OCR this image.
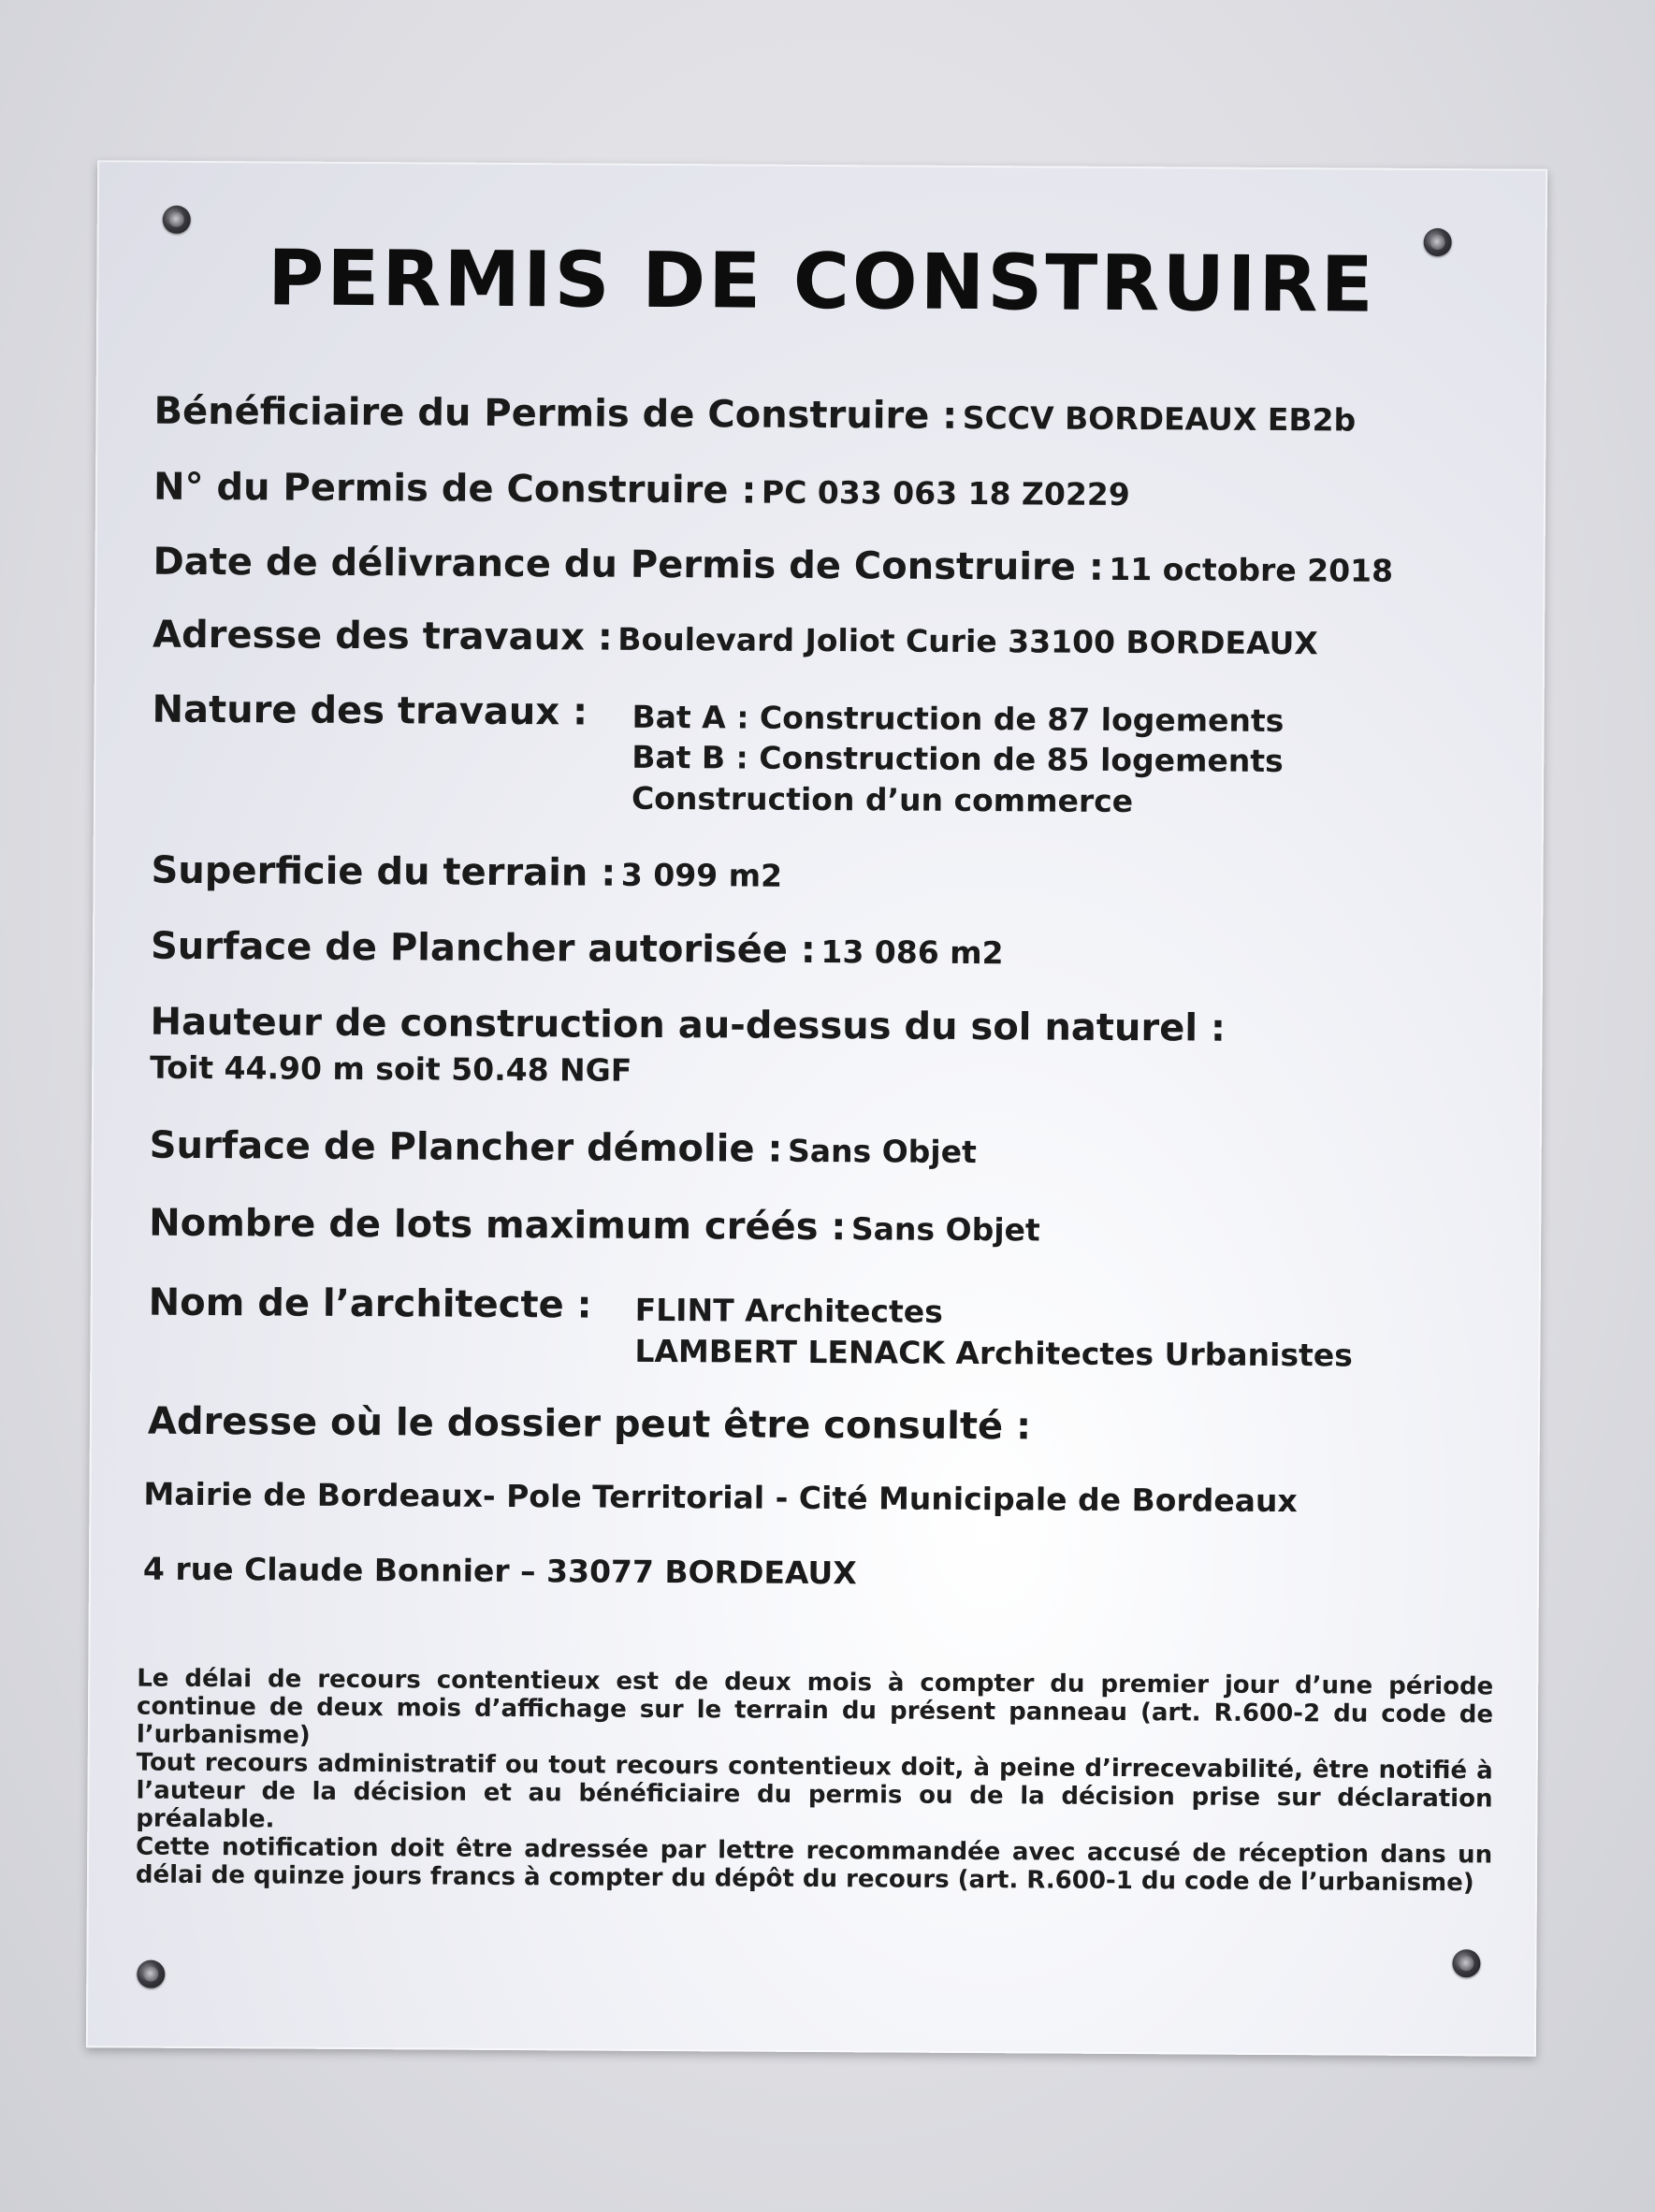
PERMIS DE CONSTRUIRE
Bénéficiaire du Permis de Construire : SCCV BORDEAUX EB2b
N° du Permis de Construire : PC 033 063 18 Z0229
Date de délivrance du Permis de Construire : 11 octobre 2018
Adresse des travaux : Boulevard Joliot Curie 33100 BORDEAUX
Nature des travaux : Bat A : Construction de 87 logements
Bat B : Construction de 85 logements
Construction d’un commerce
Superficie du terrain : 3 099 m2
Surface de Plancher autorisée : 13 086 m2
Hauteur de construction au-dessus du sol naturel :
Toit 44.90 m soit 50.48 NGF
Surface de Plancher démolie : Sans Objet
Nombre de lots maximum créés : Sans Objet
Nom de l’architecte : FLINT Architectes
LAMBERT LENACK Architectes Urbanistes
Adresse où le dossier peut être consulté :
Mairie de Bordeaux- Pole Territorial - Cité Municipale de Bordeaux
4 rue Claude Bonnier – 33077 BORDEAUX

Le délai de recours contentieux est de deux mois à compter du premier jour d’une période continue de deux mois d’affichage sur le terrain du présent panneau (art. R.600-2 du code de l’urbanisme)

Tout recours administratif ou tout recours contentieux doit, à peine d’irrecevabilité, être notifié à l’auteur de la décision et au bénéficiaire du permis ou de la décision prise sur déclaration préalable.

Cette notification doit être adressée par lettre recommandée avec accusé de réception dans un délai de quinze jours francs à compter du dépôt du recours (art. R.600-1 du code de l’urbanisme)
